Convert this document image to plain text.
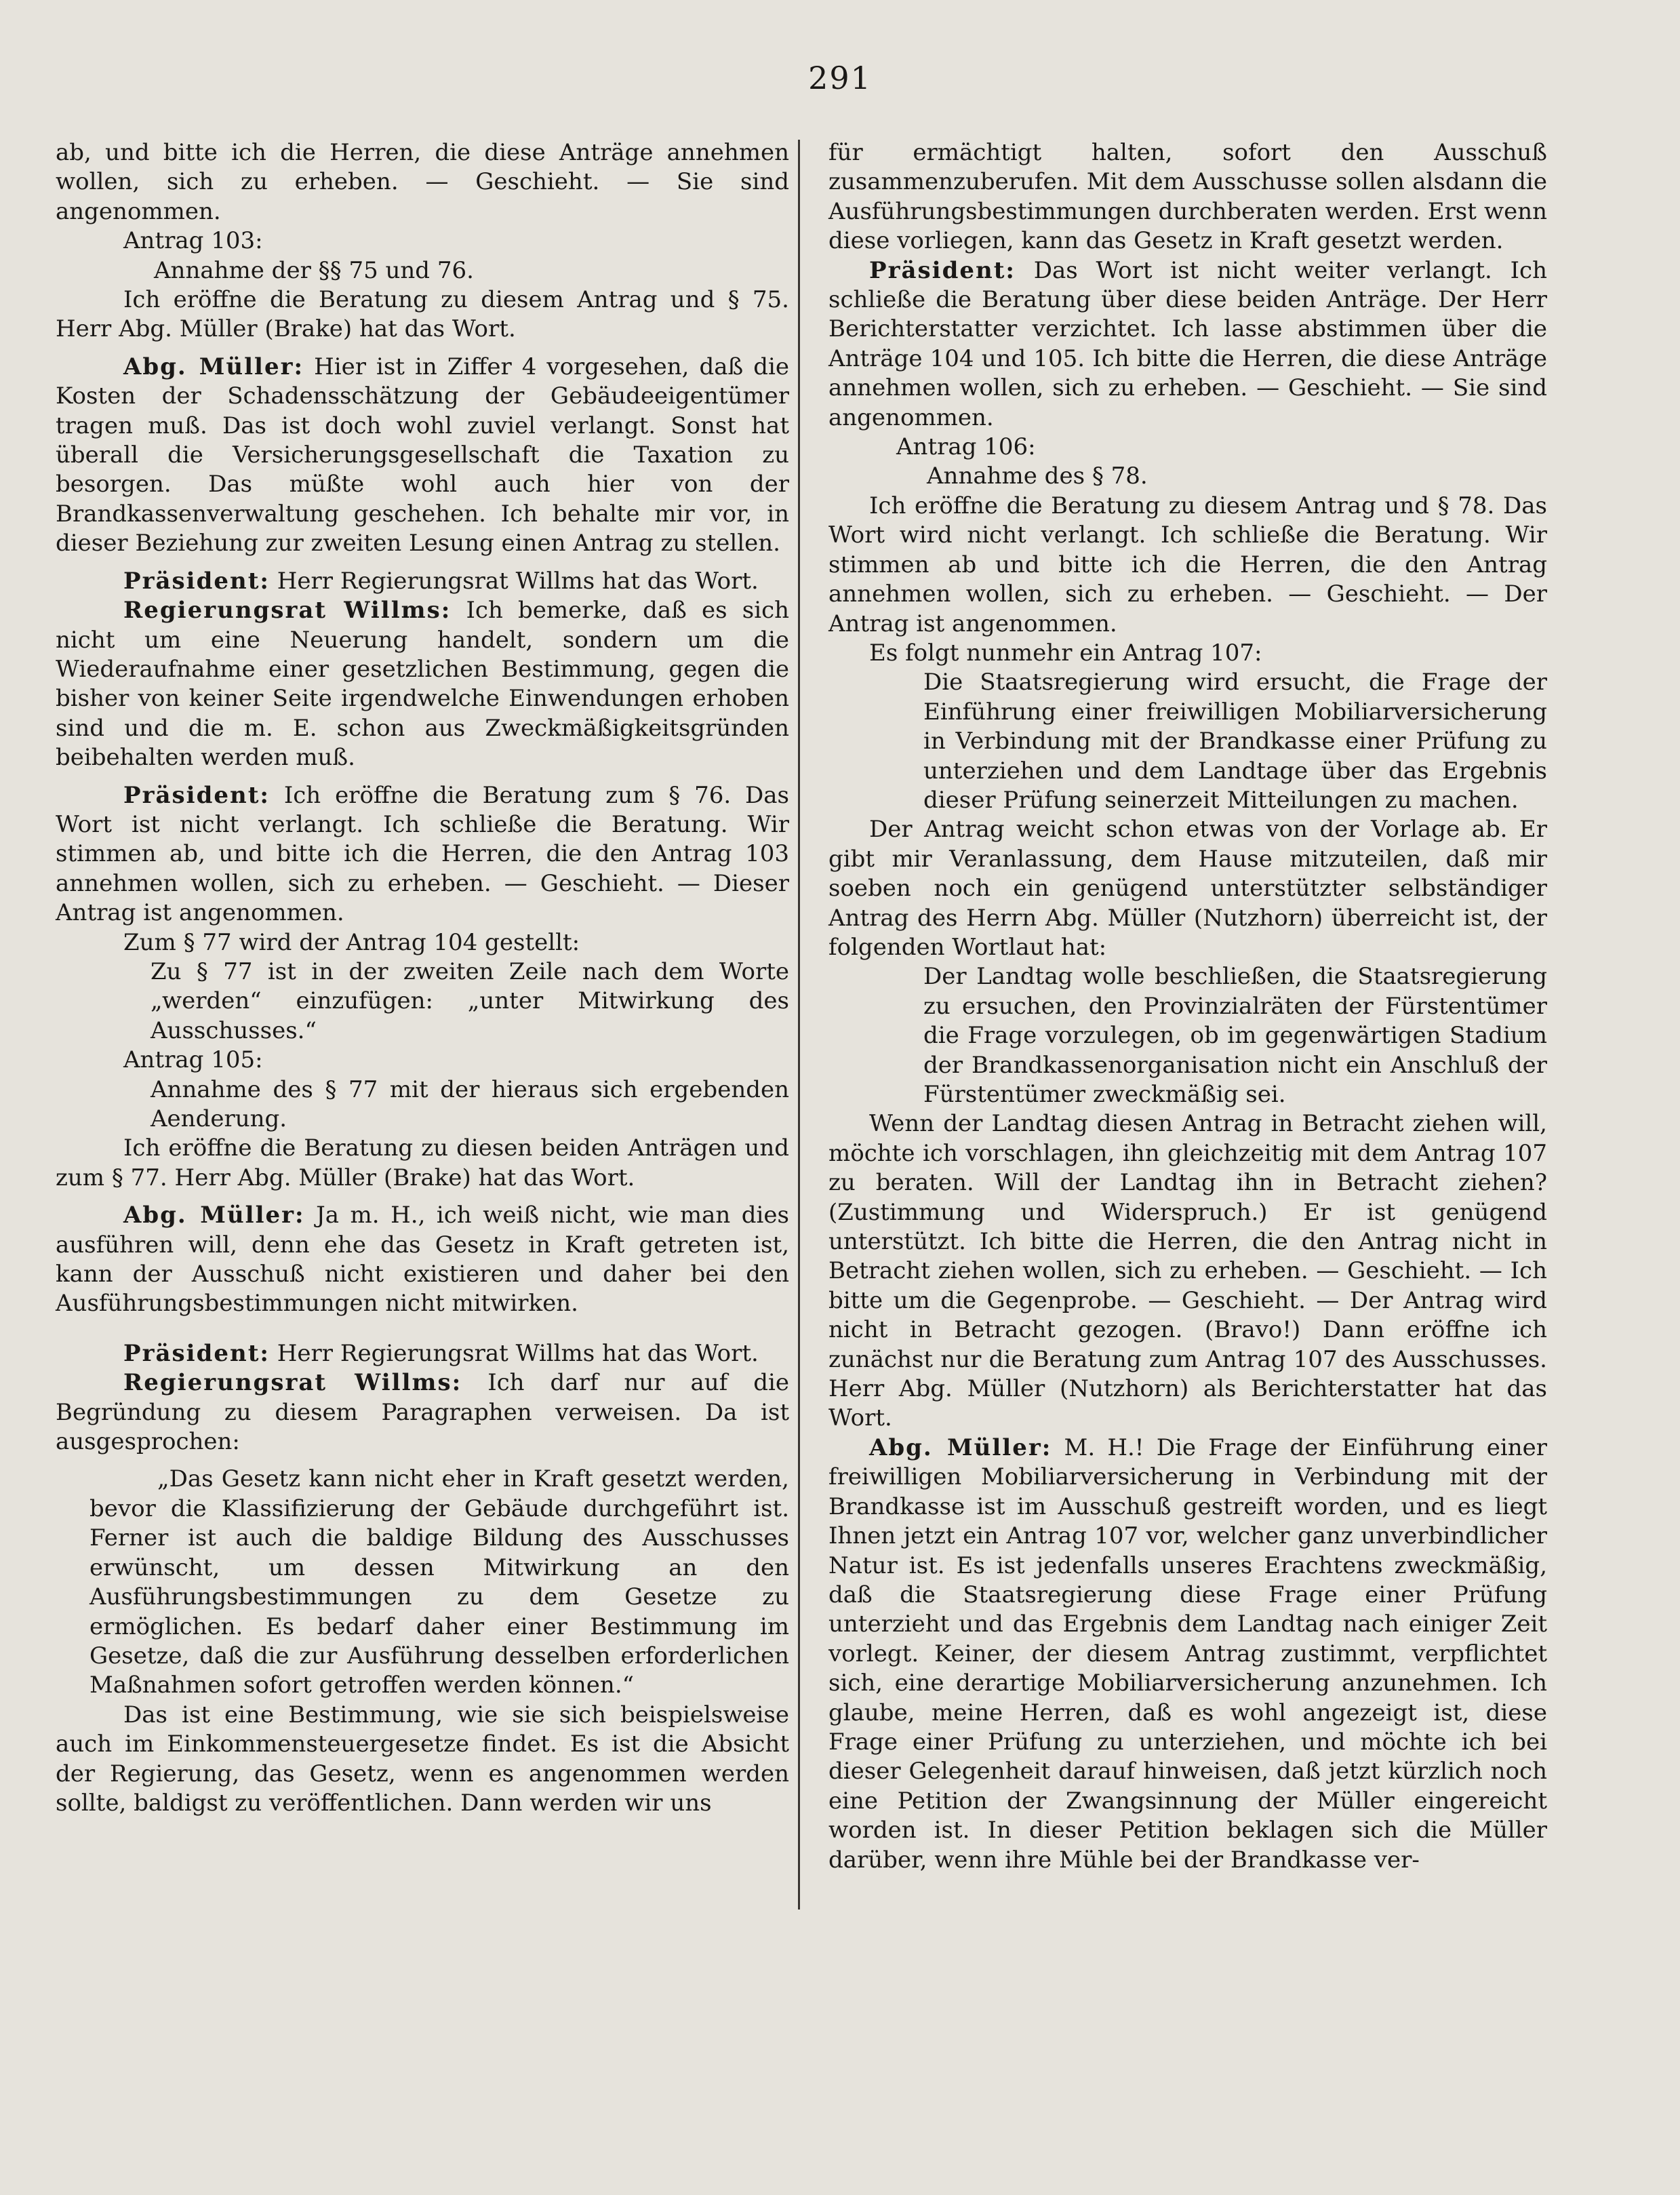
291

ab, und bitte ich die Herren, die diese Anträge annehmen wollen, sich zu erheben. — Geschieht. — Sie sind angenommen.

Antrag 103:

Annahme der §§ 75 und 76.

Ich eröffne die Beratung zu diesem Antrag und § 75. Herr Abg. Müller (Brake) hat das Wort.

Abg. Müller: Hier ist in Ziffer 4 vorgesehen, daß die Kosten der Schadensschätzung der Gebäudeeigentümer tragen muß. Das ist doch wohl zuviel verlangt. Sonst hat überall die Versicherungsgesellschaft die Taxation zu besorgen. Das müßte wohl auch hier von der Brandkassenverwaltung geschehen. Ich behalte mir vor, in dieser Beziehung zur zweiten Lesung einen Antrag zu stellen.

Präsident: Herr Regierungsrat Willms hat das Wort.

Regierungsrat Willms: Ich bemerke, daß es sich nicht um eine Neuerung handelt, sondern um die Wiederaufnahme einer gesetzlichen Bestimmung, gegen die bisher von keiner Seite irgendwelche Einwendungen erhoben sind und die m. E. schon aus Zweckmäßigkeitsgründen beibehalten werden muß.

Präsident: Ich eröffne die Beratung zum § 76. Das Wort ist nicht verlangt. Ich schließe die Beratung. Wir stimmen ab, und bitte ich die Herren, die den Antrag 103 annehmen wollen, sich zu erheben. — Geschieht. — Dieser Antrag ist angenommen.

Zum § 77 wird der Antrag 104 gestellt:

Zu § 77 ist in der zweiten Zeile nach dem Worte „werden“ einzufügen: „unter Mitwirkung des Ausschusses.“

Antrag 105:

Annahme des § 77 mit der hieraus sich ergebenden Aenderung.

Ich eröffne die Beratung zu diesen beiden Anträgen und zum § 77. Herr Abg. Müller (Brake) hat das Wort.

Abg. Müller: Ja m. H., ich weiß nicht, wie man dies ausführen will, denn ehe das Gesetz in Kraft getreten ist, kann der Ausschuß nicht existieren und daher bei den Ausführungsbestimmungen nicht mitwirken.

Präsident: Herr Regierungsrat Willms hat das Wort.

Regierungsrat Willms: Ich darf nur auf die Begründung zu diesem Paragraphen verweisen. Da ist ausgesprochen:

„Das Gesetz kann nicht eher in Kraft gesetzt werden, bevor die Klassifizierung der Gebäude durchgeführt ist. Ferner ist auch die baldige Bildung des Ausschusses erwünscht, um dessen Mitwirkung an den Ausführungsbestimmungen zu dem Gesetze zu ermöglichen. Es bedarf daher einer Bestimmung im Gesetze, daß die zur Ausführung desselben erforderlichen Maßnahmen sofort getroffen werden können.“

Das ist eine Bestimmung, wie sie sich beispielsweise auch im Einkommensteuergesetze findet. Es ist die Absicht der Regierung, das Gesetz, wenn es angenommen werden sollte, baldigst zu veröffentlichen. Dann werden wir uns

für ermächtigt halten, sofort den Ausschuß zusammenzuberufen. Mit dem Ausschusse sollen alsdann die Ausführungsbestimmungen durchberaten werden. Erst wenn diese vorliegen, kann das Gesetz in Kraft gesetzt werden.

Präsident: Das Wort ist nicht weiter verlangt. Ich schließe die Beratung über diese beiden Anträge. Der Herr Berichterstatter verzichtet. Ich lasse abstimmen über die Anträge 104 und 105. Ich bitte die Herren, die diese Anträge annehmen wollen, sich zu erheben. — Geschieht. — Sie sind angenommen.

Antrag 106:

Annahme des § 78.

Ich eröffne die Beratung zu diesem Antrag und § 78. Das Wort wird nicht verlangt. Ich schließe die Beratung. Wir stimmen ab und bitte ich die Herren, die den Antrag annehmen wollen, sich zu erheben. — Geschieht. — Der Antrag ist angenommen.

Es folgt nunmehr ein Antrag 107:

Die Staatsregierung wird ersucht, die Frage der Einführung einer freiwilligen Mobiliarversicherung in Verbindung mit der Brandkasse einer Prüfung zu unterziehen und dem Landtage über das Ergebnis dieser Prüfung seinerzeit Mitteilungen zu machen.

Der Antrag weicht schon etwas von der Vorlage ab. Er gibt mir Veranlassung, dem Hause mitzuteilen, daß mir soeben noch ein genügend unterstützter selbständiger Antrag des Herrn Abg. Müller (Nutzhorn) überreicht ist, der folgenden Wortlaut hat:

Der Landtag wolle beschließen, die Staatsregierung zu ersuchen, den Provinzialräten der Fürstentümer die Frage vorzulegen, ob im gegenwärtigen Stadium der Brandkassenorganisation nicht ein Anschluß der Fürstentümer zweckmäßig sei.

Wenn der Landtag diesen Antrag in Betracht ziehen will, möchte ich vorschlagen, ihn gleichzeitig mit dem Antrag 107 zu beraten. Will der Landtag ihn in Betracht ziehen? (Zustimmung und Widerspruch.) Er ist genügend unterstützt. Ich bitte die Herren, die den Antrag nicht in Betracht ziehen wollen, sich zu erheben. — Geschieht. — Ich bitte um die Gegenprobe. — Geschieht. — Der Antrag wird nicht in Betracht gezogen. (Bravo!) Dann eröffne ich zunächst nur die Beratung zum Antrag 107 des Ausschusses. Herr Abg. Müller (Nutzhorn) als Berichterstatter hat das Wort.

Abg. Müller: M. H.! Die Frage der Einführung einer freiwilligen Mobiliarversicherung in Verbindung mit der Brandkasse ist im Ausschuß gestreift worden, und es liegt Ihnen jetzt ein Antrag 107 vor, welcher ganz unverbindlicher Natur ist. Es ist jedenfalls unseres Erachtens zweckmäßig, daß die Staatsregierung diese Frage einer Prüfung unterzieht und das Ergebnis dem Landtag nach einiger Zeit vorlegt. Keiner, der diesem Antrag zustimmt, verpflichtet sich, eine derartige Mobiliarversicherung anzunehmen. Ich glaube, meine Herren, daß es wohl angezeigt ist, diese Frage einer Prüfung zu unterziehen, und möchte ich bei dieser Gelegenheit darauf hinweisen, daß jetzt kürzlich noch eine Petition der Zwangsinnung der Müller eingereicht worden ist. In dieser Petition beklagen sich die Müller darüber, wenn ihre Mühle bei der Brandkasse ver-
